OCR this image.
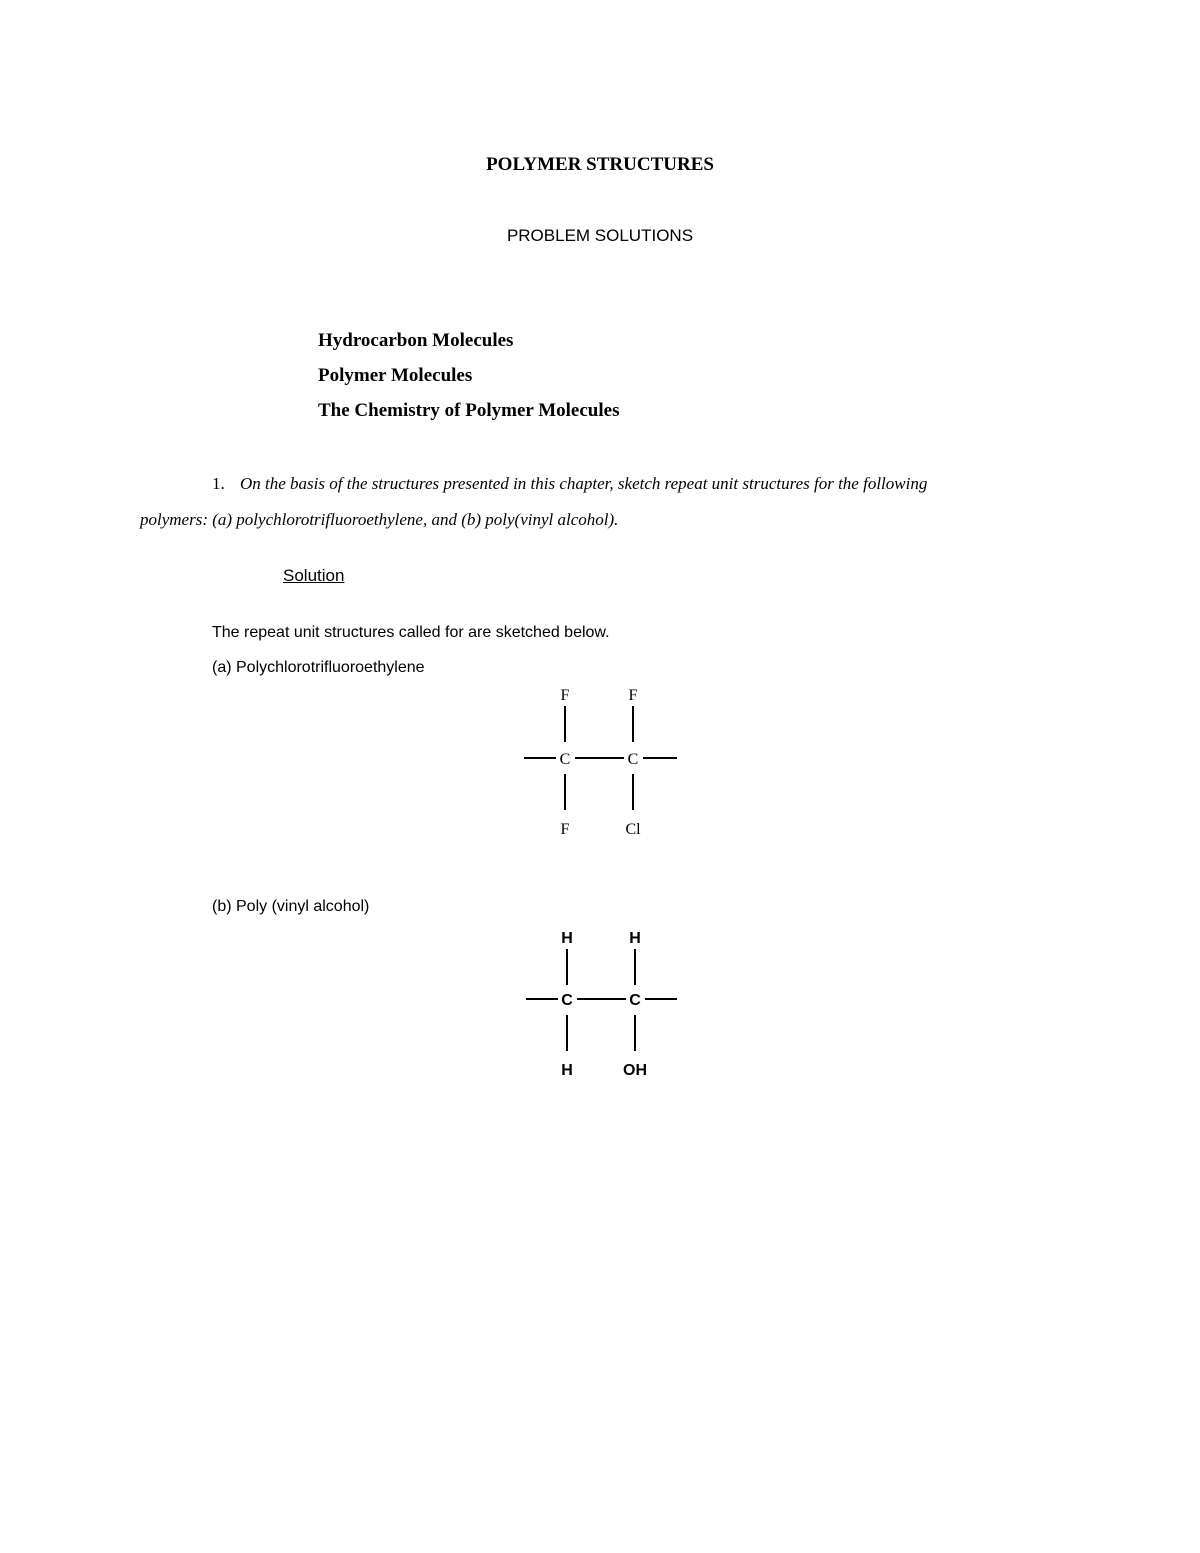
POLYMER STRUCTURES
PROBLEM SOLUTIONS
Hydrocarbon Molecules
Polymer Molecules
The Chemistry of Polymer Molecules
1. On the basis of the structures presented in this chapter, sketch repeat unit structures for the following
polymers: (a) polychlorotrifluoroethylene, and (b) poly(vinyl alcohol).
Solution
The repeat unit structures called for are sketched below.
(a) Polychlorotrifluoroethylene
F	F
C	C
F	Cl
(b) Poly (vinyl alcohol)
H	H
C	C
H	OH
